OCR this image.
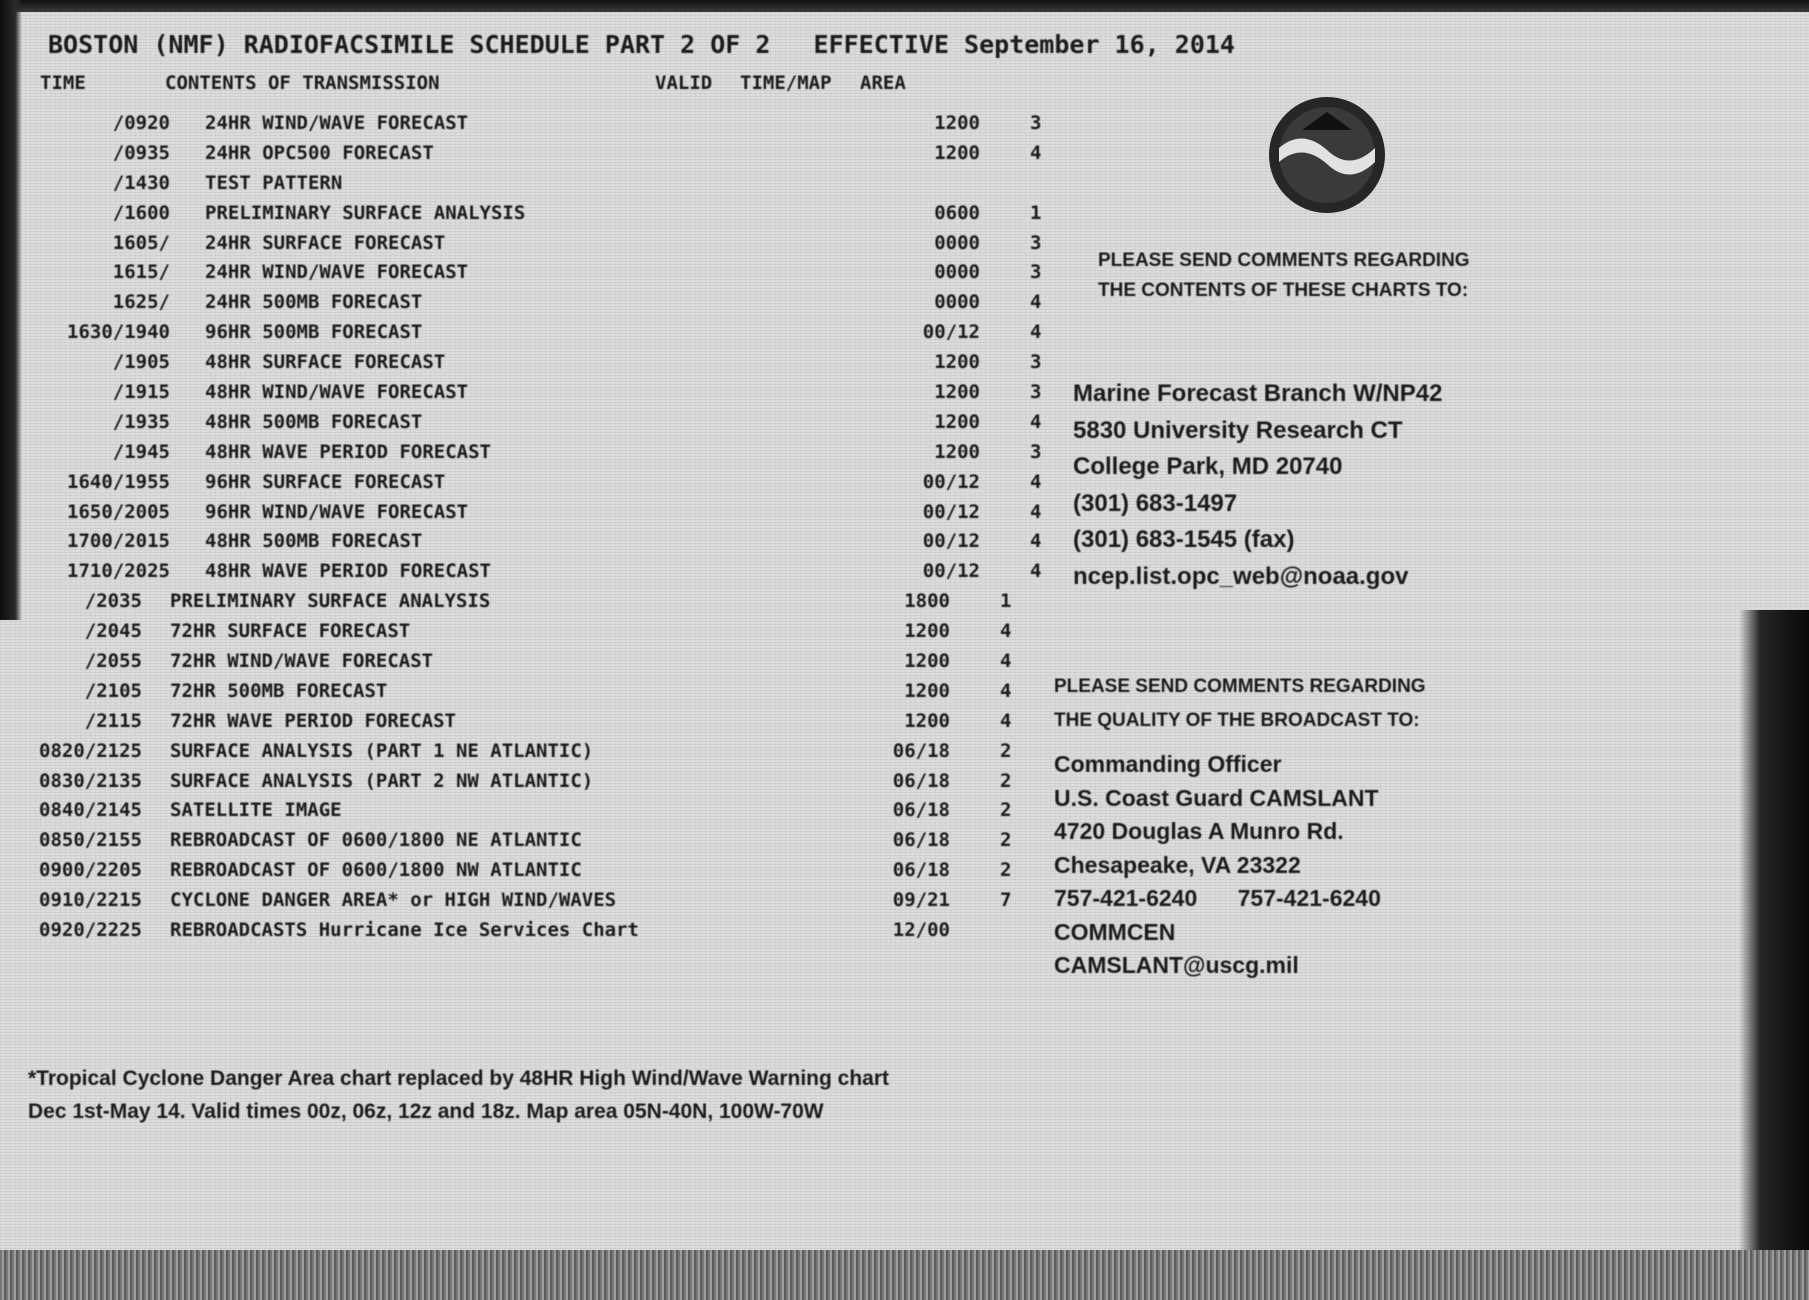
BOSTON (NMF) RADIOFACSIMILE SCHEDULE PART 2 OF 2 EFFECTIVE September 16, 2014
TIME	CONTENTS OF TRANSMISSION	VALID TIME/MAP AREA
/0920 24HR WIND/WAVE FORECAST	1200	3
/0935 24HR OPC500 FORECAST	1200	4
/1430 TEST PATTERN
/1600 PRELIMINARY SURFACE ANALYSIS	0600	1
1605/ 24HR SURFACE FORECAST	0000	3
1615/ 24HR WIND/WAVE FORECAST	0000	3
1625/ 24HR 500MB FORECAST	0000	4
1630/1940 96HR 500MB FORECAST	00/12	4
/1905 48HR SURFACE FORECAST	1200	3
/1915 48HR WIND/WAVE FORECAST	1200	3
/1935 48HR 500MB FORECAST	1200	4
/1945 48HR WAVE PERIOD FORECAST	1200	3
1640/1955 96HR SURFACE FORECAST	00/12	4
1650/2005 96HR WIND/WAVE FORECAST	00/12	4
1700/2015 48HR 500MB FORECAST	00/12	4
1710/2025 48HR WAVE PERIOD FORECAST	00/12	4
/2035 PRELIMINARY SURFACE ANALYSIS	1800	1
/2045 72HR SURFACE FORECAST	1200	4
/2055 72HR WIND/WAVE FORECAST	1200	4
/2105 72HR 500MB FORECAST	1200	4
/2115 72HR WAVE PERIOD FORECAST	1200	4
0820/2125 SURFACE ANALYSIS (PART 1 NE ATLANTIC)	06/18	2
0830/2135 SURFACE ANALYSIS (PART 2 NW ATLANTIC)	06/18	2
0840/2145 SATELLITE IMAGE	06/18	2
0850/2155 REBROADCAST OF 0600/1800 NE ATLANTIC	06/18	2
0900/2205 REBROADCAST OF 0600/1800 NW ATLANTIC	06/18	2
0910/2215 CYCLONE DANGER AREA* or HIGH WIND/WAVES	09/21	7
0920/2225 REBROADCASTS Hurricane Ice Services Chart	12/00
PLEASE SEND COMMENTS REGARDING
THE CONTENTS OF THESE CHARTS TO:
Marine Forecast Branch W/NP42
5830 University Research CT
College Park, MD 20740
(301) 683-1497
(301) 683-1545 (fax)
ncep.list.opc_web@noaa.gov
PLEASE SEND COMMENTS REGARDING
THE QUALITY OF THE BROADCAST TO:
Commanding Officer
U.S. Coast Guard CAMSLANT
4720 Douglas A Munro Rd.
Chesapeake, VA 23322
757-421-6240 757-421-6240
COMMCEN
CAMSLANT@uscg.mil
*Tropical Cyclone Danger Area chart replaced by 48HR High Wind/Wave Warning chart
Dec 1st-May 14. Valid times 00z, 06z, 12z and 18z. Map area 05N-40N, 100W-70W
